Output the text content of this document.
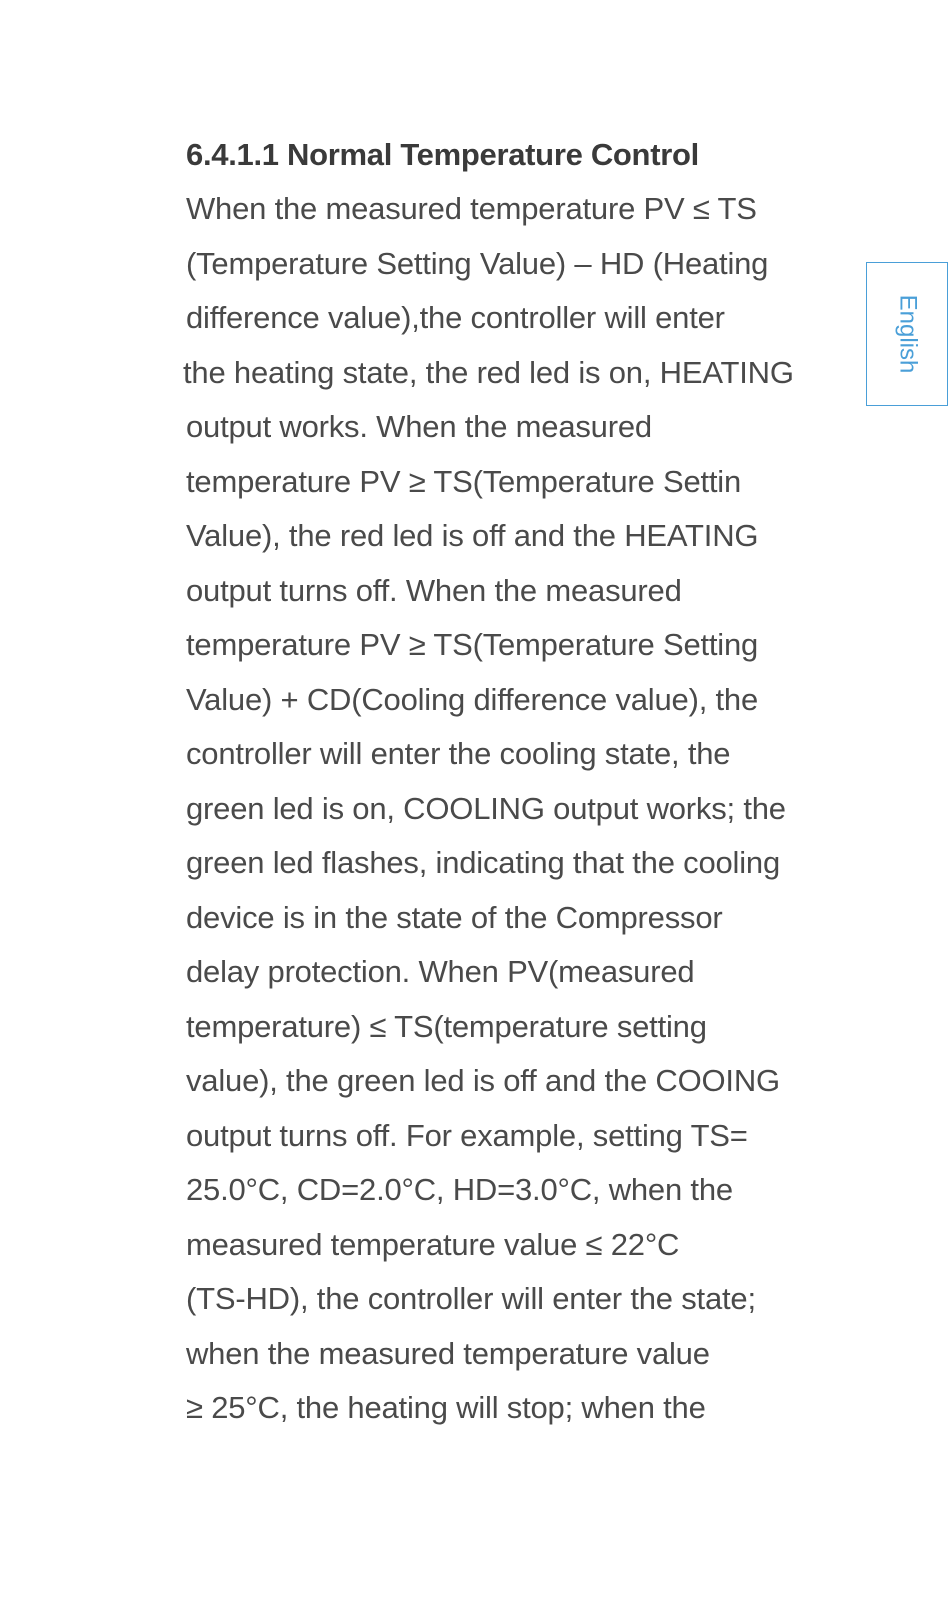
6.4.1.1 Normal Temperature Control
When the measured temperature PV ≤ TS
(Temperature Setting Value) – HD (Heating
difference value),the controller will enter
the heating state, the red led is on, HEATING
output works. When the measured
temperature PV ≥ TS(Temperature Settin
Value), the red led is off and the HEATING
output turns off. When the measured
temperature PV ≥ TS(Temperature Setting
Value) + CD(Cooling difference value), the
controller will enter the cooling state, the
green led is on, COOLING output works; the
green led flashes, indicating that the cooling
device is in the state of the Compressor
delay protection. When PV(measured
temperature) ≤ TS(temperature setting
value), the green led is off and the COOING
output turns off. For example, setting TS=
25.0°C, CD=2.0°C, HD=3.0°C, when the
measured temperature value ≤ 22°C
(TS-HD), the controller will enter the state;
when the measured temperature value
≥ 25°C, the heating will stop; when the
English
